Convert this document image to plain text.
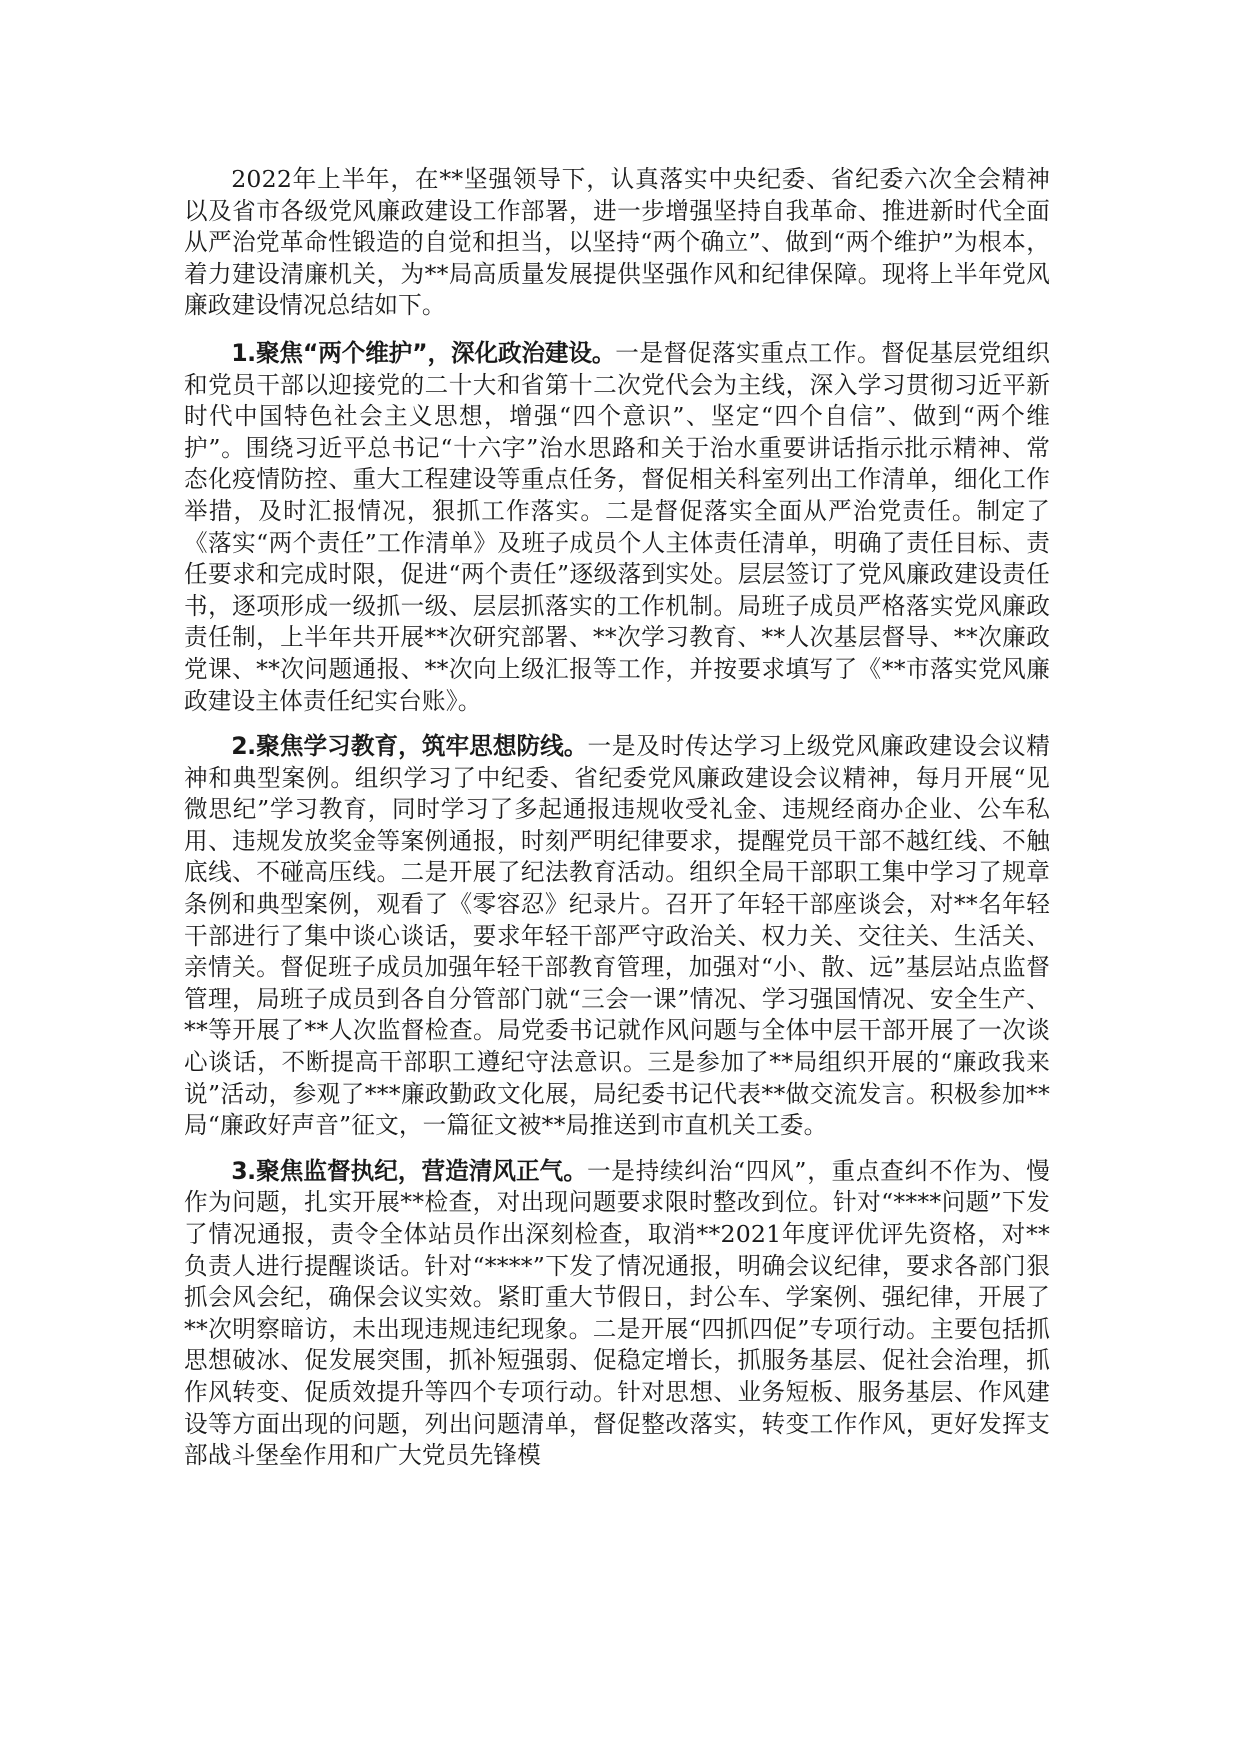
2022年上半年，在**坚强领导下，认真落实中央纪委、省纪委六次全会精神以及省市各级党风廉政建设工作部署，进一步增强坚持自我革命、推进新时代全面从严治党革命性锻造的自觉和担当，以坚持“两个确立”、做到“两个维护”为根本，着力建设清廉机关，为**局高质量发展提供坚强作风和纪律保障。现将上半年党风廉政建设情况总结如下。

1.聚焦“两个维护”，深化政治建设。一是督促落实重点工作。督促基层党组织和党员干部以迎接党的二十大和省第十二次党代会为主线，深入学习贯彻习近平新时代中国特色社会主义思想，增强“四个意识”、坚定“四个自信”、做到“两个维护”。围绕习近平总书记“十六字”治水思路和关于治水重要讲话指示批示精神、常态化疫情防控、重大工程建设等重点任务，督促相关科室列出工作清单，细化工作举措，及时汇报情况，狠抓工作落实。二是督促落实全面从严治党责任。制定了《落实“两个责任”工作清单》及班子成员个人主体责任清单，明确了责任目标、责任要求和完成时限，促进“两个责任”逐级落到实处。层层签订了党风廉政建设责任书，逐项形成一级抓一级、层层抓落实的工作机制。局班子成员严格落实党风廉政责任制，上半年共开展**次研究部署、**次学习教育、**人次基层督导、**次廉政党课、**次问题通报、**次向上级汇报等工作，并按要求填写了《**市落实党风廉政建设主体责任纪实台账》。

2.聚焦学习教育，筑牢思想防线。一是及时传达学习上级党风廉政建设会议精神和典型案例。组织学习了中纪委、省纪委党风廉政建设会议精神，每月开展“见微思纪”学习教育，同时学习了多起通报违规收受礼金、违规经商办企业、公车私用、违规发放奖金等案例通报，时刻严明纪律要求，提醒党员干部不越红线、不触底线、不碰高压线。二是开展了纪法教育活动。组织全局干部职工集中学习了规章条例和典型案例，观看了《零容忍》纪录片。召开了年轻干部座谈会，对**名年轻干部进行了集中谈心谈话，要求年轻干部严守政治关、权力关、交往关、生活关、亲情关。督促班子成员加强年轻干部教育管理，加强对“小、散、远”基层站点监督管理，局班子成员到各自分管部门就“三会一课”情况、学习强国情况、安全生产、**等开展了**人次监督检查。局党委书记就作风问题与全体中层干部开展了一次谈心谈话，不断提高干部职工遵纪守法意识。三是参加了**局组织开展的“廉政我来说”活动，参观了***廉政勤政文化展，局纪委书记代表**做交流发言。积极参加**局“廉政好声音”征文，一篇征文被**局推送到市直机关工委。

3.聚焦监督执纪，营造清风正气。一是持续纠治“四风”，重点查纠不作为、慢作为问题，扎实开展**检查，对出现问题要求限时整改到位。针对“****问题”下发了情况通报，责令全体站员作出深刻检查，取消**2021年度评优评先资格，对**负责人进行提醒谈话。针对“****”下发了情况通报，明确会议纪律，要求各部门狠抓会风会纪，确保会议实效。紧盯重大节假日，封公车、学案例、强纪律，开展了**次明察暗访，未出现违规违纪现象。二是开展“四抓四促”专项行动。主要包括抓思想破冰、促发展突围，抓补短强弱、促稳定增长，抓服务基层、促社会治理，抓作风转变、促质效提升等四个专项行动。针对思想、业务短板、服务基层、作风建设等方面出现的问题，列出问题清单，督促整改落实，转变工作作风，更好发挥支部战斗堡垒作用和广大党员先锋模
